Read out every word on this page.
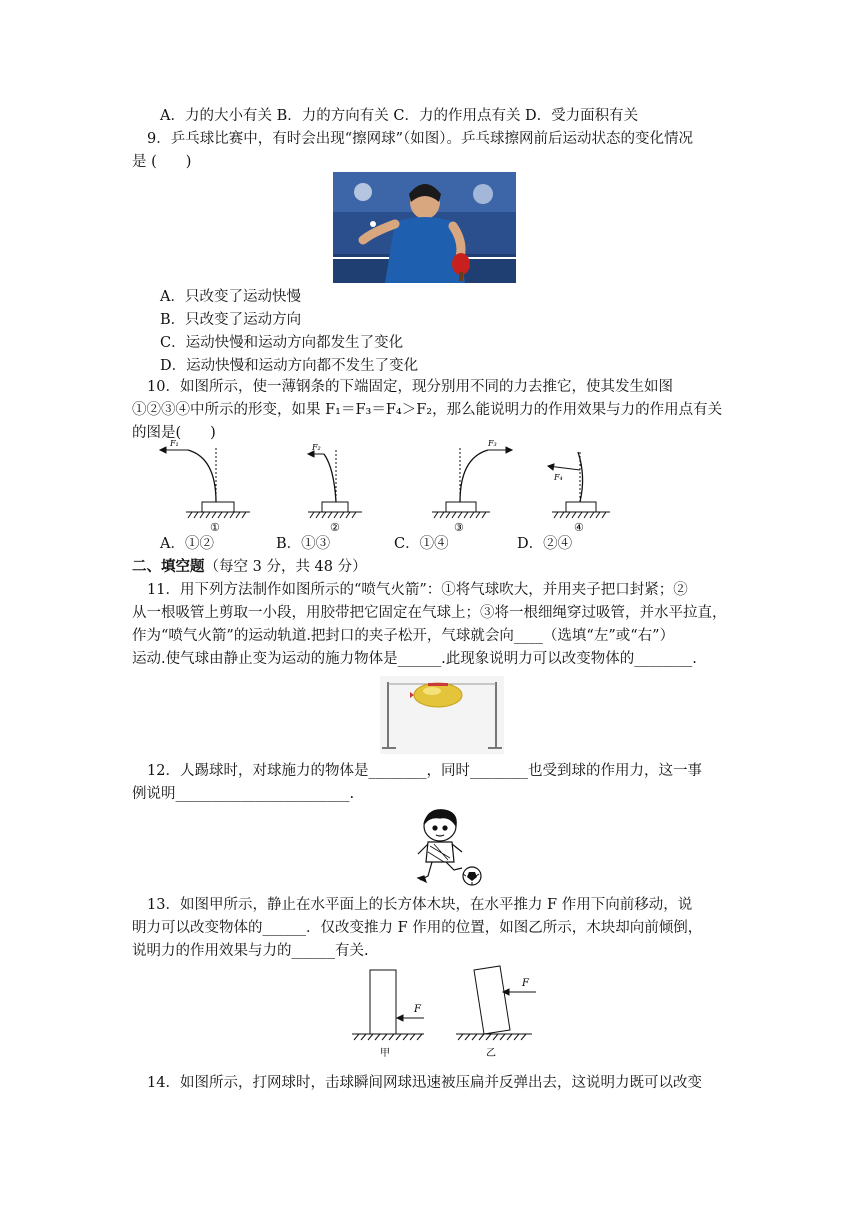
A．力的大小有关 B．力的方向有关 C．力的作用点有关 D．受力面积有关
9．乒乓球比赛中，有时会出现“擦网球”（如图）。乒乓球擦网前后运动状态的变化情况
是 (　　)
A．只改变了运动快慢
B．只改变了运动方向
C．运动快慢和运动方向都发生了变化
D．运动快慢和运动方向都不发生了变化
10．如图所示，使一薄钢条的下端固定，现分别用不同的力去推它，使其发生如图
①②③④中所示的形变，如果 F₁＝F₃＝F₄＞F₂，那么能说明力的作用效果与力的作用点有关
的图是(　　)
F₁	F₂	F₃
F₄
①	②	③	④
A．①②	B．①③	C．①④	D．②④
二、填空题（每空 3 分，共 48 分）
11．用下列方法制作如图所示的“喷气火箭”：①将气球吹大，并用夹子把口封紧；②
从一根吸管上剪取一小段，用胶带把它固定在气球上；③将一根细绳穿过吸管，并水平拉直，
作为“喷气火箭”的运动轨道.把封口的夹子松开，气球就会向____（选填“左”或“右”）
运动.使气球由静止变为运动的施力物体是______.此现象说明力可以改变物体的________.
12．人踢球时，对球施力的物体是________，同时________也受到球的作用力，这一事
例说明________________________.
13．如图甲所示，静止在水平面上的长方体木块，在水平推力 F 作用下向前移动，说
明力可以改变物体的______．仅改变推力 F 作用的位置，如图乙所示，木块却向前倾倒，
说明力的作用效果与力的______有关.
F
F
甲	乙
14．如图所示，打网球时，击球瞬间网球迅速被压扁并反弹出去，这说明力既可以改变
